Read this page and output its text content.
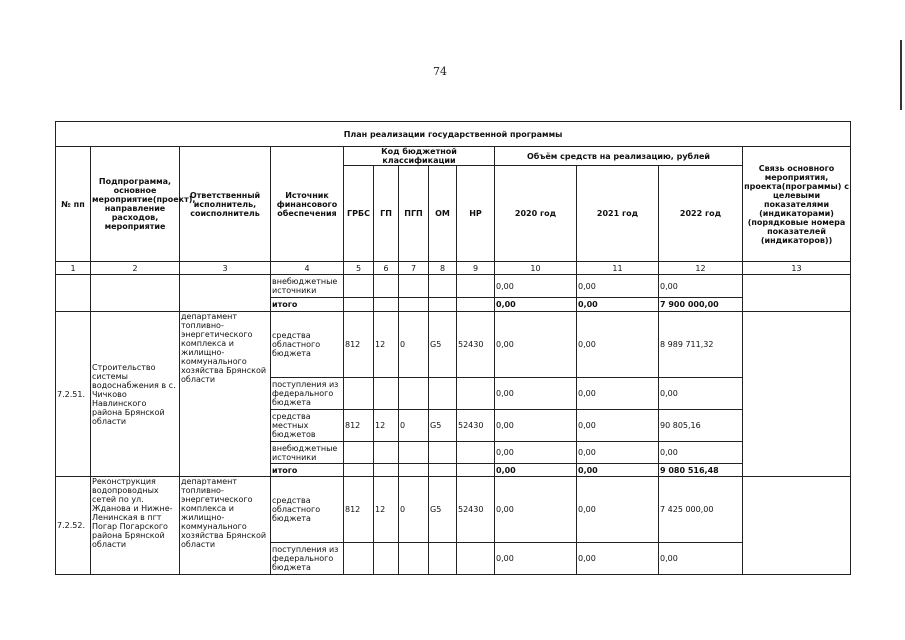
74
План реализации государственной программы												
№ пп	Подпрограмма, основное мероприятие(проект), направление расходов, мероприятие	Ответственный исполнитель, соисполнитель	Источник финансового обеспечения	Код бюджетной классификации					Объём средств на реализацию, рублей			Связь основного мероприятия, проекта(программы) с целевыми показателями (индикаторами) (порядковые номера показателей (индикаторов))
				ГРБС	ГП	ПГП	ОМ	НР	2020 год	2021 год	2022 год	
1	2	3	4	5	6	7	8	9	10	11	12	13
			внебюджетные источники						0,00	0,00	0,00	
			итого						0,00	0,00	7 900 000,00	
7.2.51.	Строительство системы водоснабжения в с. Чичково Навлинского района Брянской области	департамент топливно-энергетического комплекса и жилищно-коммунального хозяйства Брянской области	средства областного бюджета	812	12	0	G5	52430	0,00	0,00	8 989 711,32	
			поступления из федерального бюджета						0,00	0,00	0,00	
			средства местных бюджетов	812	12	0	G5	52430	0,00	0,00	90 805,16	
			внебюджетные источники						0,00	0,00	0,00	
			итого						0,00	0,00	9 080 516,48	
7.2.52.	Реконструкция водопроводных сетей по ул. Жданова и Нижне-Ленинская в пгт Погар Погарского района Брянской области	департамент топливно-энергетического комплекса и жилищно-коммунального хозяйства Брянской области	средства областного бюджета	812	12	0	G5	52430	0,00	0,00	7 425 000,00	
			поступления из федерального бюджета						0,00	0,00	0,00	
